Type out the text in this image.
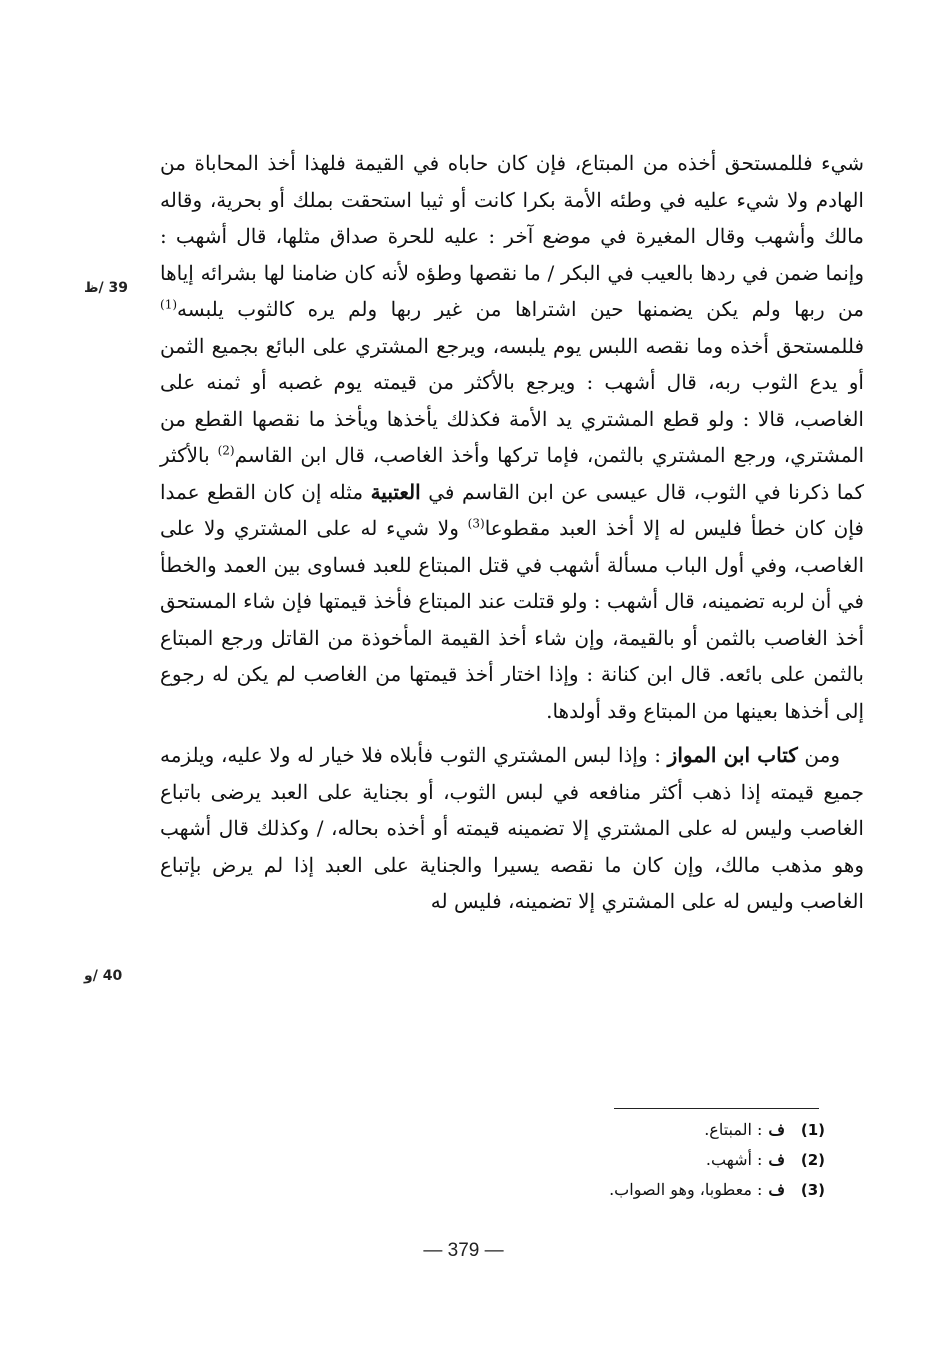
شيء فللمستحق أخذه من المبتاع، فإن كان حاباه في القيمة فلهذا أخذ المحاباة من الهادم ولا شيء عليه في وطئه الأمة بكرا كانت أو ثيبا استحقت بملك أو بحرية، وقاله مالك وأشهب وقال المغيرة في موضع آخر : عليه للحرة صداق مثلها، قال أشهب : وإنما ضمن في ردها بالعيب في البكر / ما نقصها وطؤه لأنه كان ضامنا لها بشرائه إياها من ربها ولم يكن يضمنها حين اشتراها من غير ربها ولم يره كالثوب يلبسه$^{(1)}$ فللمستحق أخذه وما نقصه اللبس يوم يلبسه، ويرجع المشتري على البائع بجميع الثمن أو يدع الثوب ربه، قال أشهب : ويرجع بالأكثر من قيمته يوم غصبه أو ثمنه على الغاصب، قالا : ولو قطع المشتري يد الأمة فكذلك يأخذها ويأخذ ما نقصها القطع من المشتري، ورجع المشتري بالثمن، فإما تركها وأخذ الغاصب، قال ابن القاسم$^{(2)}$ بالأكثر كما ذكرنا في الثوب، قال عيسى عن ابن القاسم في العتبية مثله إن كان القطع عمدا فإن كان خطأ فليس له إلا أخذ العبد مقطوعا$^{(3)}$ ولا شيء له على المشتري ولا على الغاصب، وفي أول الباب مسألة أشهب في قتل المبتاع للعبد فساوى بين العمد والخطأ في أن لربه تضمينه، قال أشهب : ولو قتلت عند المبتاع فأخذ قيمتها فإن شاء المستحق أخذ الغاصب بالثمن أو بالقيمة، وإن شاء أخذ القيمة المأخوذة من القاتل ورجع المبتاع بالثمن على بائعه. قال ابن كنانة : وإذا اختار أخذ قيمتها من الغاصب لم يكن له رجوع إلى أخذها بعينها من المبتاع وقد أولدها.

ومن كتاب ابن المواز : وإذا لبس المشتري الثوب فأبلاه فلا خيار له ولا عليه، ويلزمه جميع قيمته إذا ذهب أكثر منافعه في لبس الثوب، أو بجناية على العبد يرضى باتباع الغاصب وليس له على المشتري إلا تضمينه قيمته أو أخذه بحاله، / وكذلك قال أشهب وهو مذهب مالك، وإن كان ما نقصه يسيرا والجناية على العبد إذا لم يرض بإتباع الغاصب وليس له على المشتري إلا تضمينه، فليس له

39 /ظ
40 /و
(1)
ف
: المبتاع.
(2)
ف
: أشهب.
(3)
ف
: معطوبا، وهو الصواب.
— 379 —
